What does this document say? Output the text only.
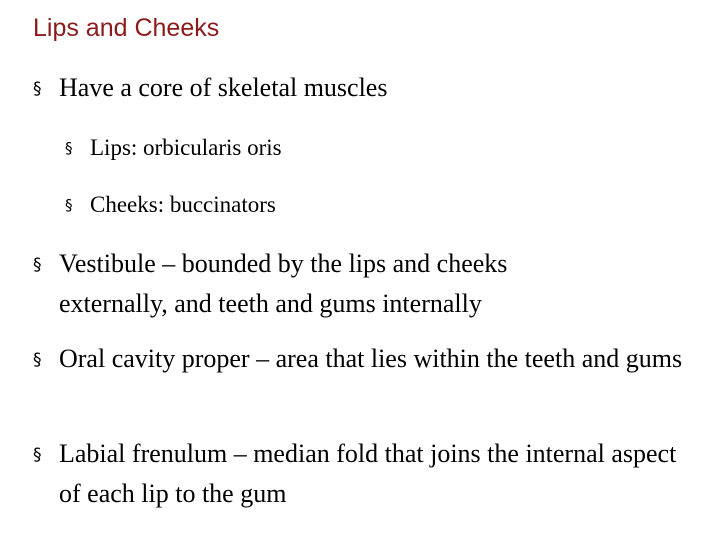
Lips and Cheeks
§ Have a core of skeletal muscles
§ Lips: orbicularis oris
§ Cheeks: buccinators
§ Vestibule – bounded by the lips and cheeks externally, and teeth and gums internally
§ Oral cavity proper – area that lies within the teeth and gums
§ Labial frenulum – median fold that joins the internal aspect of each lip to the gum
